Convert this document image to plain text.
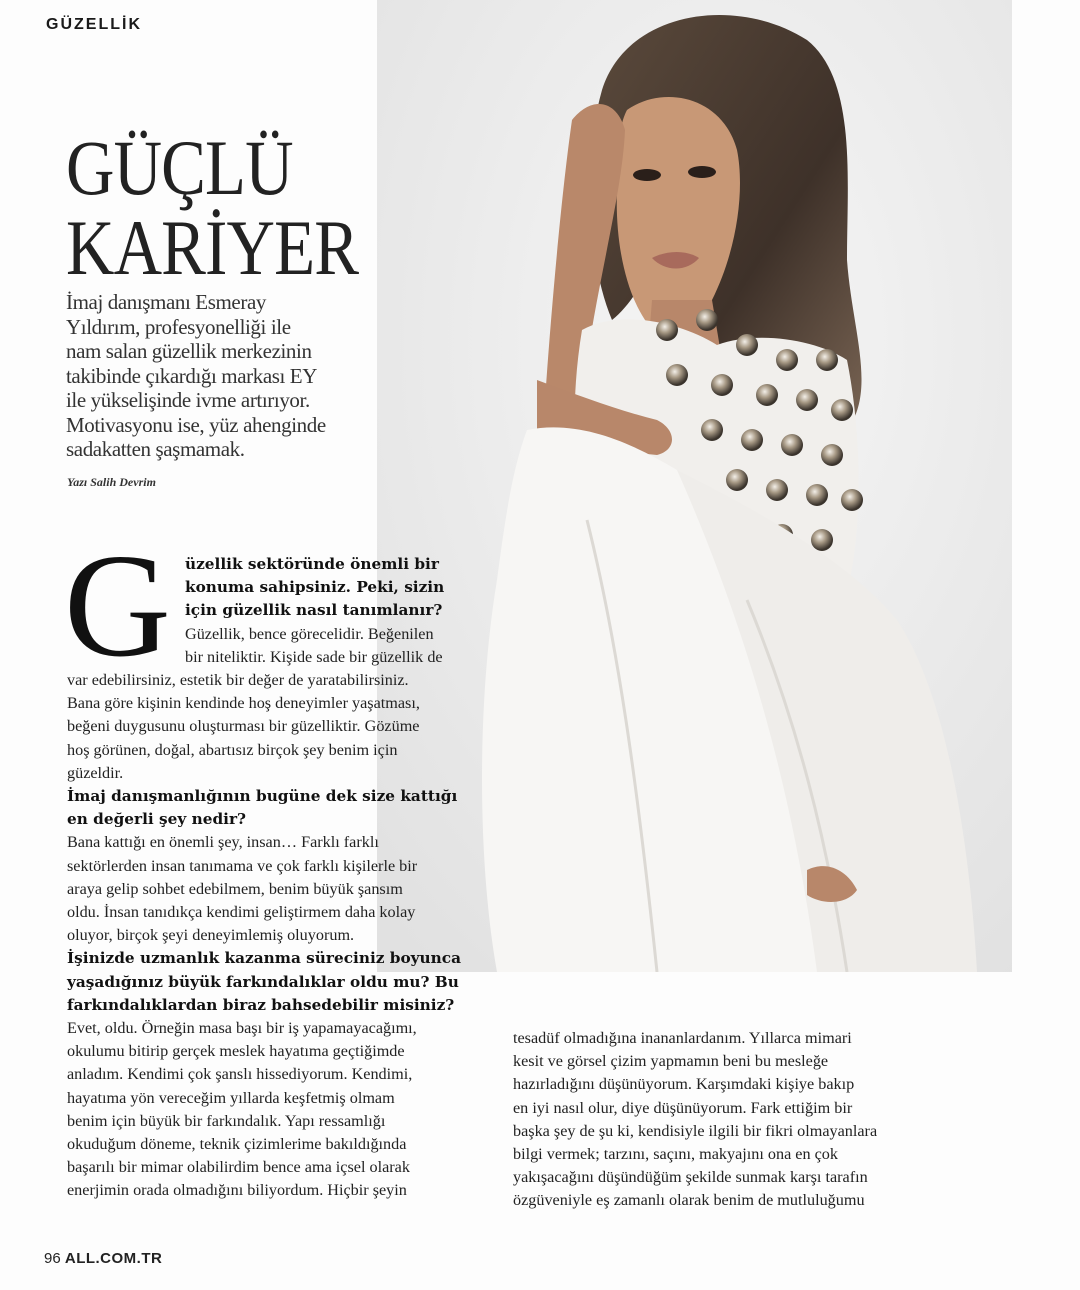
GÜZELLİK
GÜÇLÜ
KARİYER
İmaj danışmanı Esmeray
Yıldırım, profesyonelliği ile
nam salan güzellik merkezinin
takibinde çıkardığı markası EY
ile yükselişinde ivme artırıyor.
Motivasyonu ise, yüz ahenginde
sadakatten şaşmamak.
Yazı Salih Devrim
G üzellik sektöründe önemli bir
konuma sahipsiniz. Peki, sizin
için güzellik nasıl tanımlanır?
Güzellik, bence görecelidir. Beğenilen
bir niteliktir. Kişide sade bir güzellik de
var edebilirsiniz, estetik bir değer de yaratabilirsiniz.
Bana göre kişinin kendinde hoş deneyimler yaşatması,
beğeni duygusunu oluşturması bir güzelliktir. Gözüme
hoş görünen, doğal, abartısız birçok şey benim için
güzeldir.
İmaj danışmanlığının bugüne dek size kattığı
en değerli şey nedir?
Bana kattığı en önemli şey, insan… Farklı farklı
sektörlerden insan tanımama ve çok farklı kişilerle bir
araya gelip sohbet edebilmem, benim büyük şansım
oldu. İnsan tanıdıkça kendimi geliştirmem daha kolay
oluyor, birçok şeyi deneyimlemiş oluyorum.
İşinizde uzmanlık kazanma süreciniz boyunca
yaşadığınız büyük farkındalıklar oldu mu? Bu
farkındalıklardan biraz bahsedebilir misiniz?
Evet, oldu. Örneğin masa başı bir iş yapamayacağımı,
okulumu bitirip gerçek meslek hayatıma geçtiğimde
anladım. Kendimi çok şanslı hissediyorum. Kendimi,
hayatıma yön vereceğim yıllarda keşfetmiş olmam
benim için büyük bir farkındalık. Yapı ressamlığı
okuduğum döneme, teknik çizimlerime bakıldığında
başarılı bir mimar olabilirdim bence ama içsel olarak
enerjimin orada olmadığını biliyordum. Hiçbir şeyin
tesadüf olmadığına inananlardanım. Yıllarca mimari
kesit ve görsel çizim yapmamın beni bu mesleğe
hazırladığını düşünüyorum. Karşımdaki kişiye bakıp
en iyi nasıl olur, diye düşünüyorum. Fark ettiğim bir
başka şey de şu ki, kendisiyle ilgili bir fikri olmayanlara
bilgi vermek; tarzını, saçını, makyajını ona en çok
yakışacağını düşündüğüm şekilde sunmak karşı tarafın
özgüveniyle eş zamanlı olarak benim de mutluluğumu
96 ALL.COM.TR
